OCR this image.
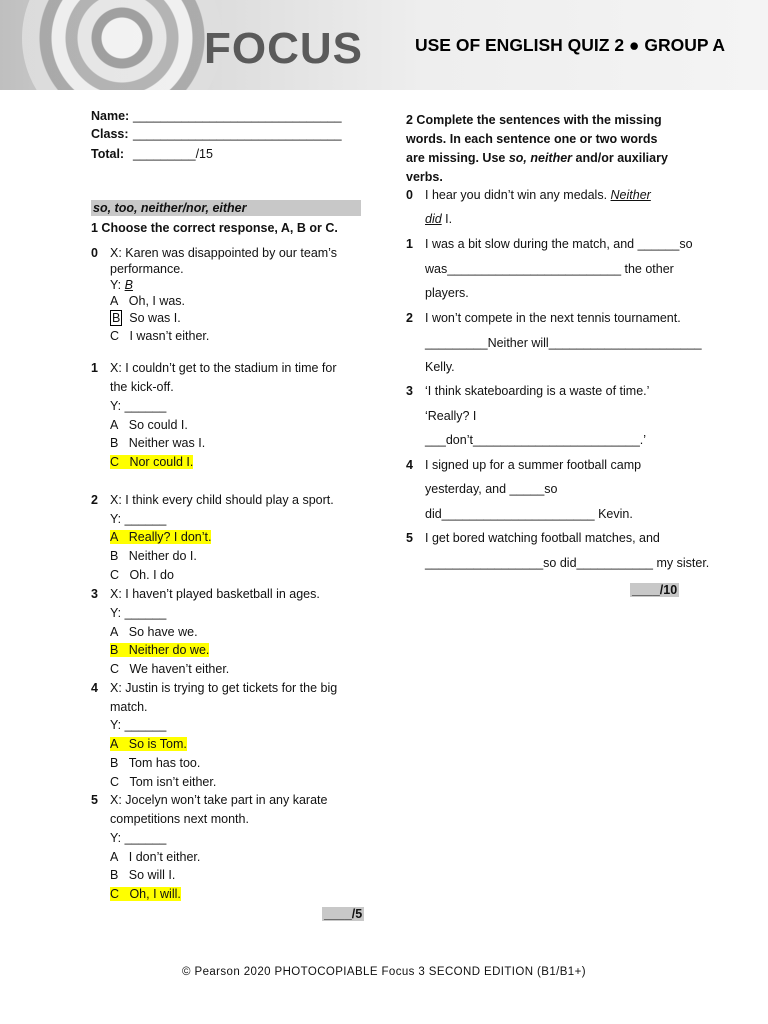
FOCUS	USE OF ENGLISH QUIZ 2 ● GROUP A
Name: ______________________________
Class: ______________________________
Total: _________/15
so, too, neither/nor, either
1 Choose the correct response, A, B or C.
0 X: Karen was disappointed by our team’s
performance.
Y: B
A Oh, I was.
B So was I.
C I wasn’t either.
1 X: I couldn’t get to the stadium in time for
the kick-off.
Y: ______
A So could I.
B Neither was I.
C Nor could I.
2 X: I think every child should play a sport.
Y: ______
A Really? I don’t.
B Neither do I.
C Oh. I do
3 X: I haven’t played basketball in ages.
Y: ______
A So have we.
B Neither do we.
C We haven’t either.
4 X: Justin is trying to get tickets for the big
match.
Y: ______
A So is Tom.
B Tom has too.
C Tom isn’t either.
5 X: Jocelyn won’t take part in any karate
competitions next month.
Y: ______
A I don’t either.
B So will I.
C Oh, I will.
____/5
2 Complete the sentences with the missing
words. In each sentence one or two words
are missing. Use so, neither and/or auxiliary
verbs.
0 I hear you didn’t win any medals. Neither
did I.
1 I was a bit slow during the match, and ______so
was_________________________ the other
players.
2 I won’t compete in the next tennis tournament.
_________Neither will______________________
Kelly.
3 ‘I think skateboarding is a waste of time.’
‘Really? I
___don’t________________________.’
4 I signed up for a summer football camp
yesterday, and _____so
did______________________ Kevin.
5 I get bored watching football matches, and
_________________so did___________ my sister.
____/10
© Pearson 2020 PHOTOCOPIABLE Focus 3 SECOND EDITION (B1/B1+)
